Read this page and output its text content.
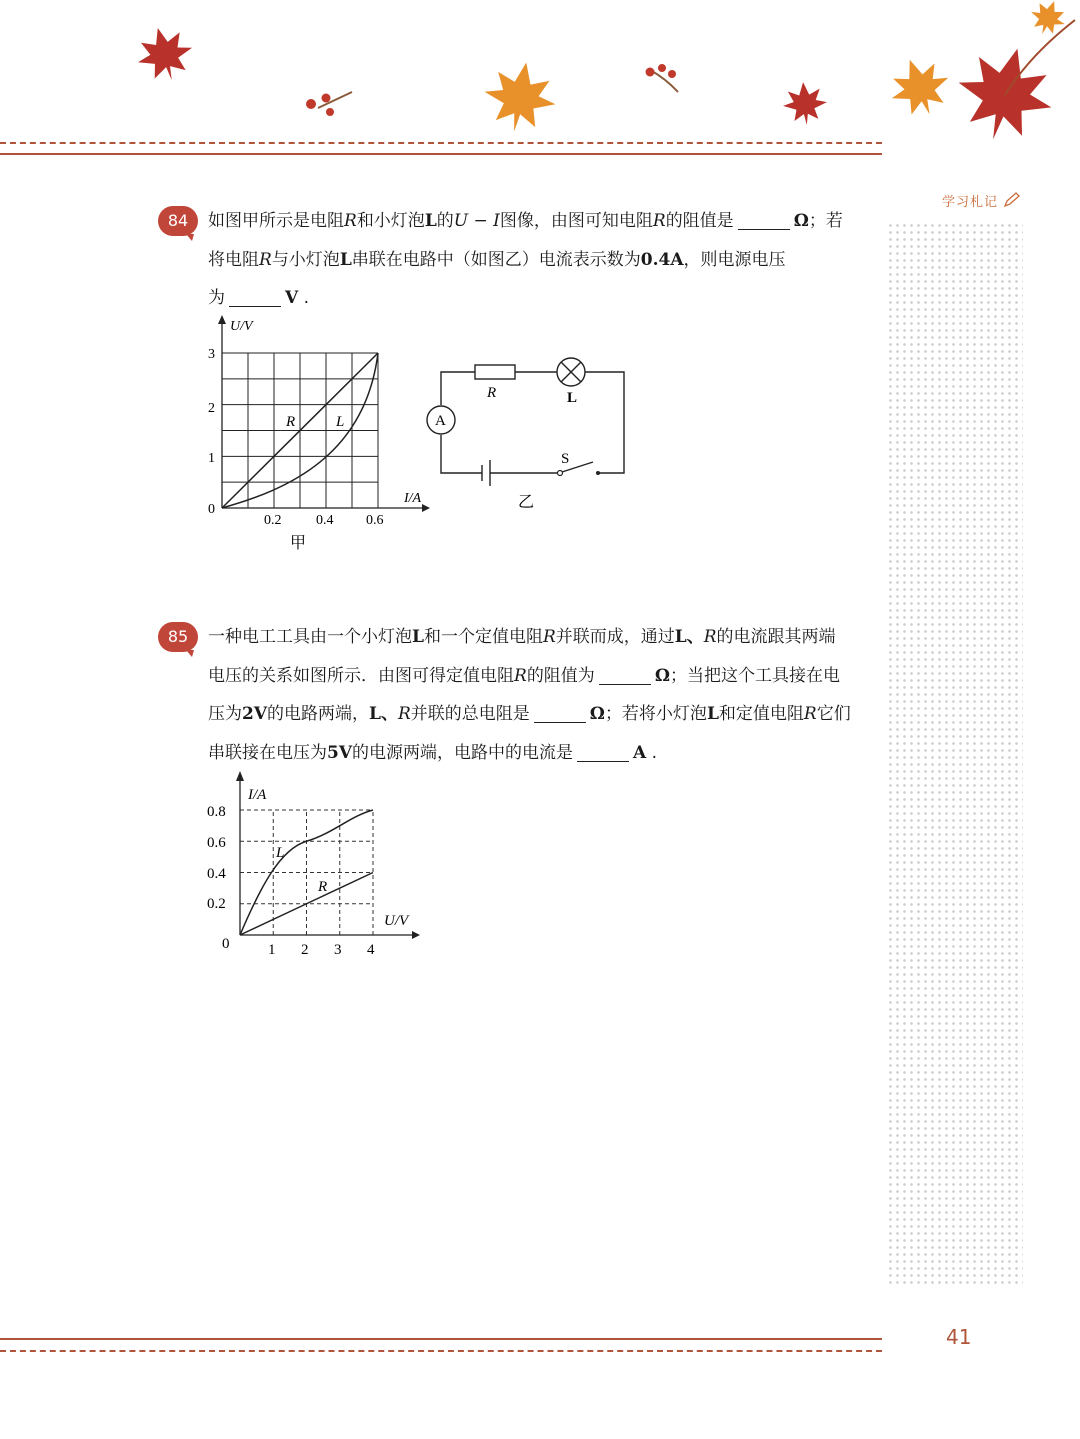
学习札记
84	如图甲所示是电阻R和小灯泡L的U − I图像，由图可知电阻R的阻值是	Ω；若
将电阻R与小灯泡L串联在电路中（如图乙）电流表示数为0.4A，则电源电压
为	V .
U/V
I/A
3
2
1
0
0.2 0.4 0.6
R	L
甲
A
R	L
S
乙
85	一种电工工具由一个小灯泡L和一个定值电阻R并联而成，通过L、R的电流跟其两端
电压的关系如图所示．由图可得定值电阻R的阻值为	Ω；当把这个工具接在电
压为2V的电路两端，L、R并联的总电阻是	Ω；若将小灯泡L和定值电阻R它们
串联接在电压为5V的电源两端，电路中的电流是	A .
I/A
U/V
0.8
0.6
0.4
0.2
0	1 2 3 4
L
R
41
